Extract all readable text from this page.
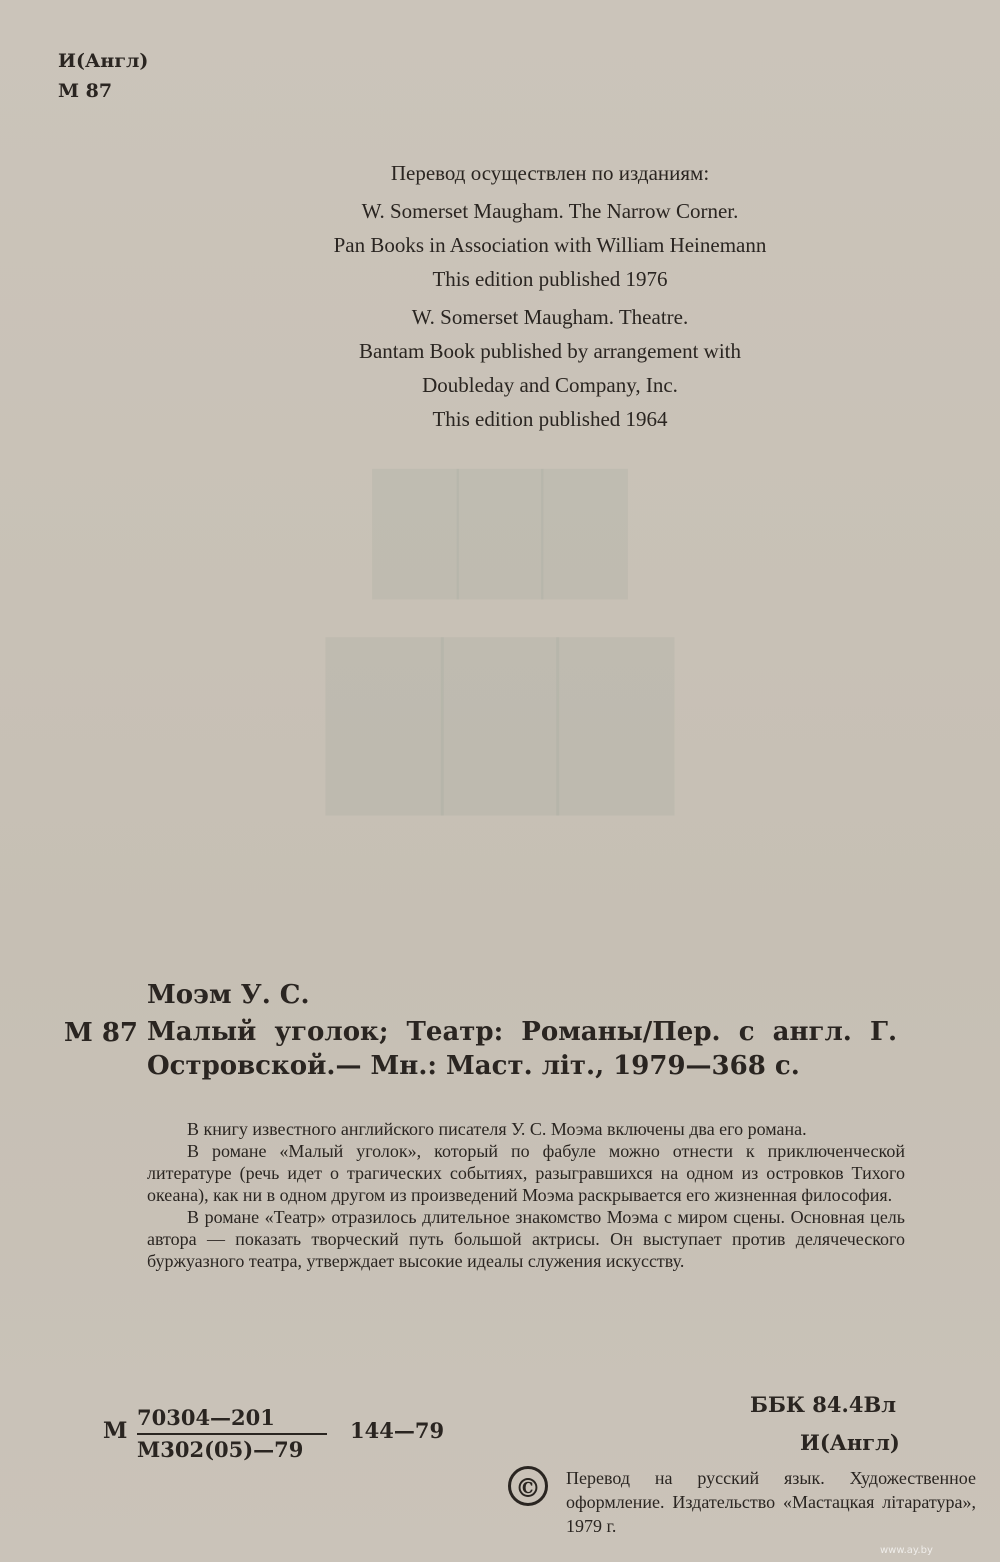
███
███
И(Англ)
М 87

Перевод осуществлен по изданиям:

W. Somerset Maugham. The Narrow Corner.

Pan Books in Association with William Heinemann

This edition published 1976

W. Somerset Maugham. Theatre.

Bantam Book published by arrangement with

Doubleday and Company, Inc.

This edition published 1964

Моэм У. С.
М 87 Малый уголок; Театр: Романы/Пер. с англ. Г. Островской.— Мн.: Маст. літ., 1979—368 с.

В книгу известного английского писателя У. С. Моэма включены два его романа.

В романе «Малый уголок», который по фабуле можно отнести к приключенческой литературе (речь идет о трагических событиях, разыгравшихся на одном из островков Тихого океана), как ни в одном другом из произведений Моэма раскрывается его жизненная философия.

В романе «Театр» отразилось длительное знакомство Моэма с миром сцены. Основная цель автора — показать творческий путь большой актрисы. Он выступает против делячеческого буржуазного театра, утверждает высокие идеалы служения искусству.

ББК 84.4Вл
И(Англ)
М
70304—201
М302(05)—79
144—79
©	Перевод на русский язык. Художественное оформление. Издательство «Мастацкая літаратура», 1979 г.
www.ay.by
